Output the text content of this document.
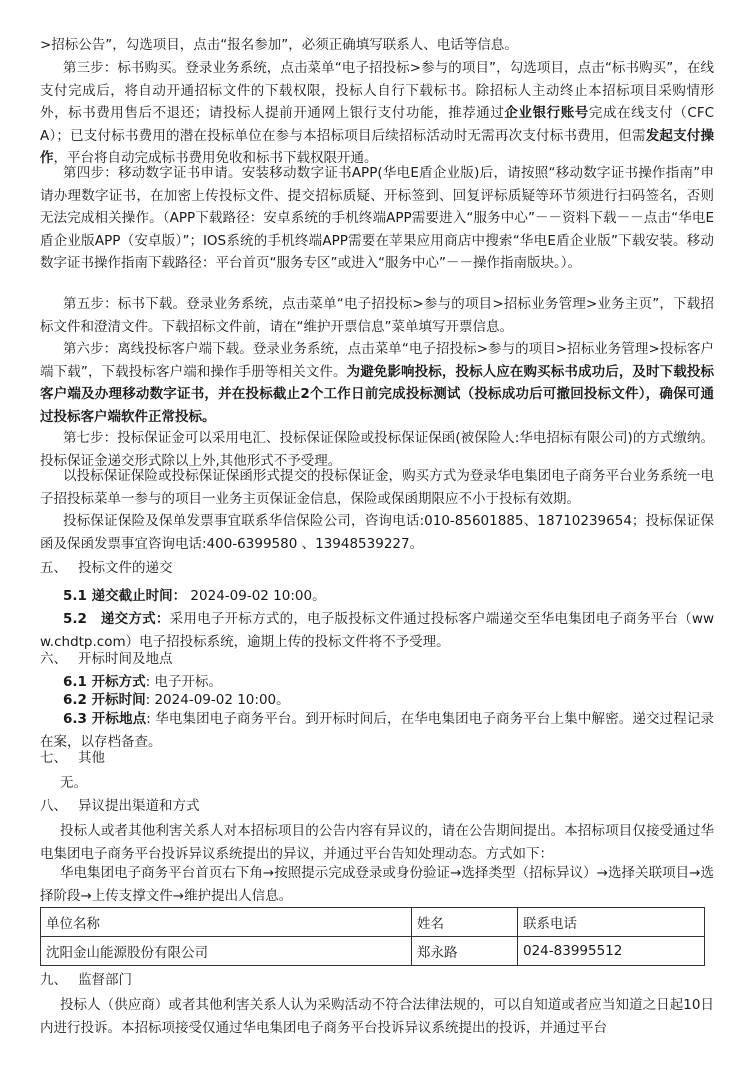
>招标公告”，勾选项目，点击“报名参加”，必须正确填写联系人、电话等信息。

第三步：标书购买。登录业务系统，点击菜单“电子招投标>参与的项目”，勾选项目，点击“标书购买”，在线支付完成后，将自动开通招标文件的下载权限，投标人自行下载标书。除招标人主动终止本招标项目采购情形外，标书费用售后不退还；请投标人提前开通网上银行支付功能，推荐通过企业银行账号完成在线支付（CFCA）；已支付标书费用的潜在投标单位在参与本招标项目后续招标活动时无需再次支付标书费用，但需发起支付操作，平台将自动完成标书费用免收和标书下载权限开通。

第四步：移动数字证书申请。安装移动数字证书APP(华电E盾企业版)后，请按照“移动数字证书操作指南”申请办理数字证书，在加密上传投标文件、提交招标质疑、开标签到、回复评标质疑等环节须进行扫码签名，否则无法完成相关操作。（APP下载路径：安卓系统的手机终端APP需要进入“服务中心”－－资料下载－－点击“华电E盾企业版APP（安卓版）”；IOS系统的手机终端APP需要在苹果应用商店中搜索“华电E盾企业版”下载安装。移动数字证书操作指南下载路径：平台首页“服务专区”或进入“服务中心”－－操作指南版块。）。

第五步：标书下载。登录业务系统，点击菜单“电子招投标>参与的项目>招标业务管理>业务主页”，下载招标文件和澄清文件。下载招标文件前，请在“维护开票信息”菜单填写开票信息。

第六步：离线投标客户端下载。登录业务系统，点击菜单“电子招投标>参与的项目>招标业务管理>投标客户端下载”，下载投标客户端和操作手册等相关文件。为避免影响投标，投标人应在购买标书成功后，及时下载投标客户端及办理移动数字证书，并在投标截止2个工作日前完成投标测试（投标成功后可撤回投标文件），确保可通过投标客户端软件正常投标。

第七步：投标保证金可以采用电汇、投标保证保险或投标保证保函(被保险人:华电招标有限公司)的方式缴纳。投标保证金递交形式除以上外,其他形式不予受理。

以投标保证保险或投标保证保函形式提交的投标保证金，购买方式为登录华电集团电子商务平台业务系统一电子招投标菜单一参与的项目一业务主页保证金信息，保险或保函期限应不小于投标有效期。

投标保证保险及保单发票事宜联系华信保险公司，咨询电话:010-85601885、18710239654；投标保证保函及保函发票事宜咨询电话:400-6399580 、13948539227。

五、 投标文件的递交

5.1 递交截止时间： 2024-09-02 10:00。

5.2　递交方式：采用电子开标方式的，电子版投标文件通过投标客户端递交至华电集团电子商务平台（www.chdtp.com）电子招投标系统，逾期上传的投标文件将不予受理。

六、 开标时间及地点

6.1 开标方式: 电子开标。

6.2 开标时间: 2024-09-02 10:00。

6.3 开标地点: 华电集团电子商务平台。到开标时间后，在华电集团电子商务平台上集中解密。递交过程记录在案，以存档备查。

七、 其他

无。

八、 异议提出渠道和方式

投标人或者其他利害关系人对本招标项目的公告内容有异议的，请在公告期间提出。本招标项目仅接受通过华电集团电子商务平台投诉异议系统提出的异议，并通过平台告知处理动态。方式如下：

华电集团电子商务平台首页右下角→按照提示完成登录或身份验证→选择类型（招标异议）→选择关联项目→选择阶段→上传支撑文件→维护提出人信息。

单位名称	姓名	联系电话
沈阳金山能源股份有限公司	郑永路	024-83995512

九、 监督部门

投标人（供应商）或者其他利害关系人认为采购活动不符合法律法规的，可以自知道或者应当知道之日起10日内进行投诉。本招标项接受仅通过华电集团电子商务平台投诉异议系统提出的投诉，并通过平台
